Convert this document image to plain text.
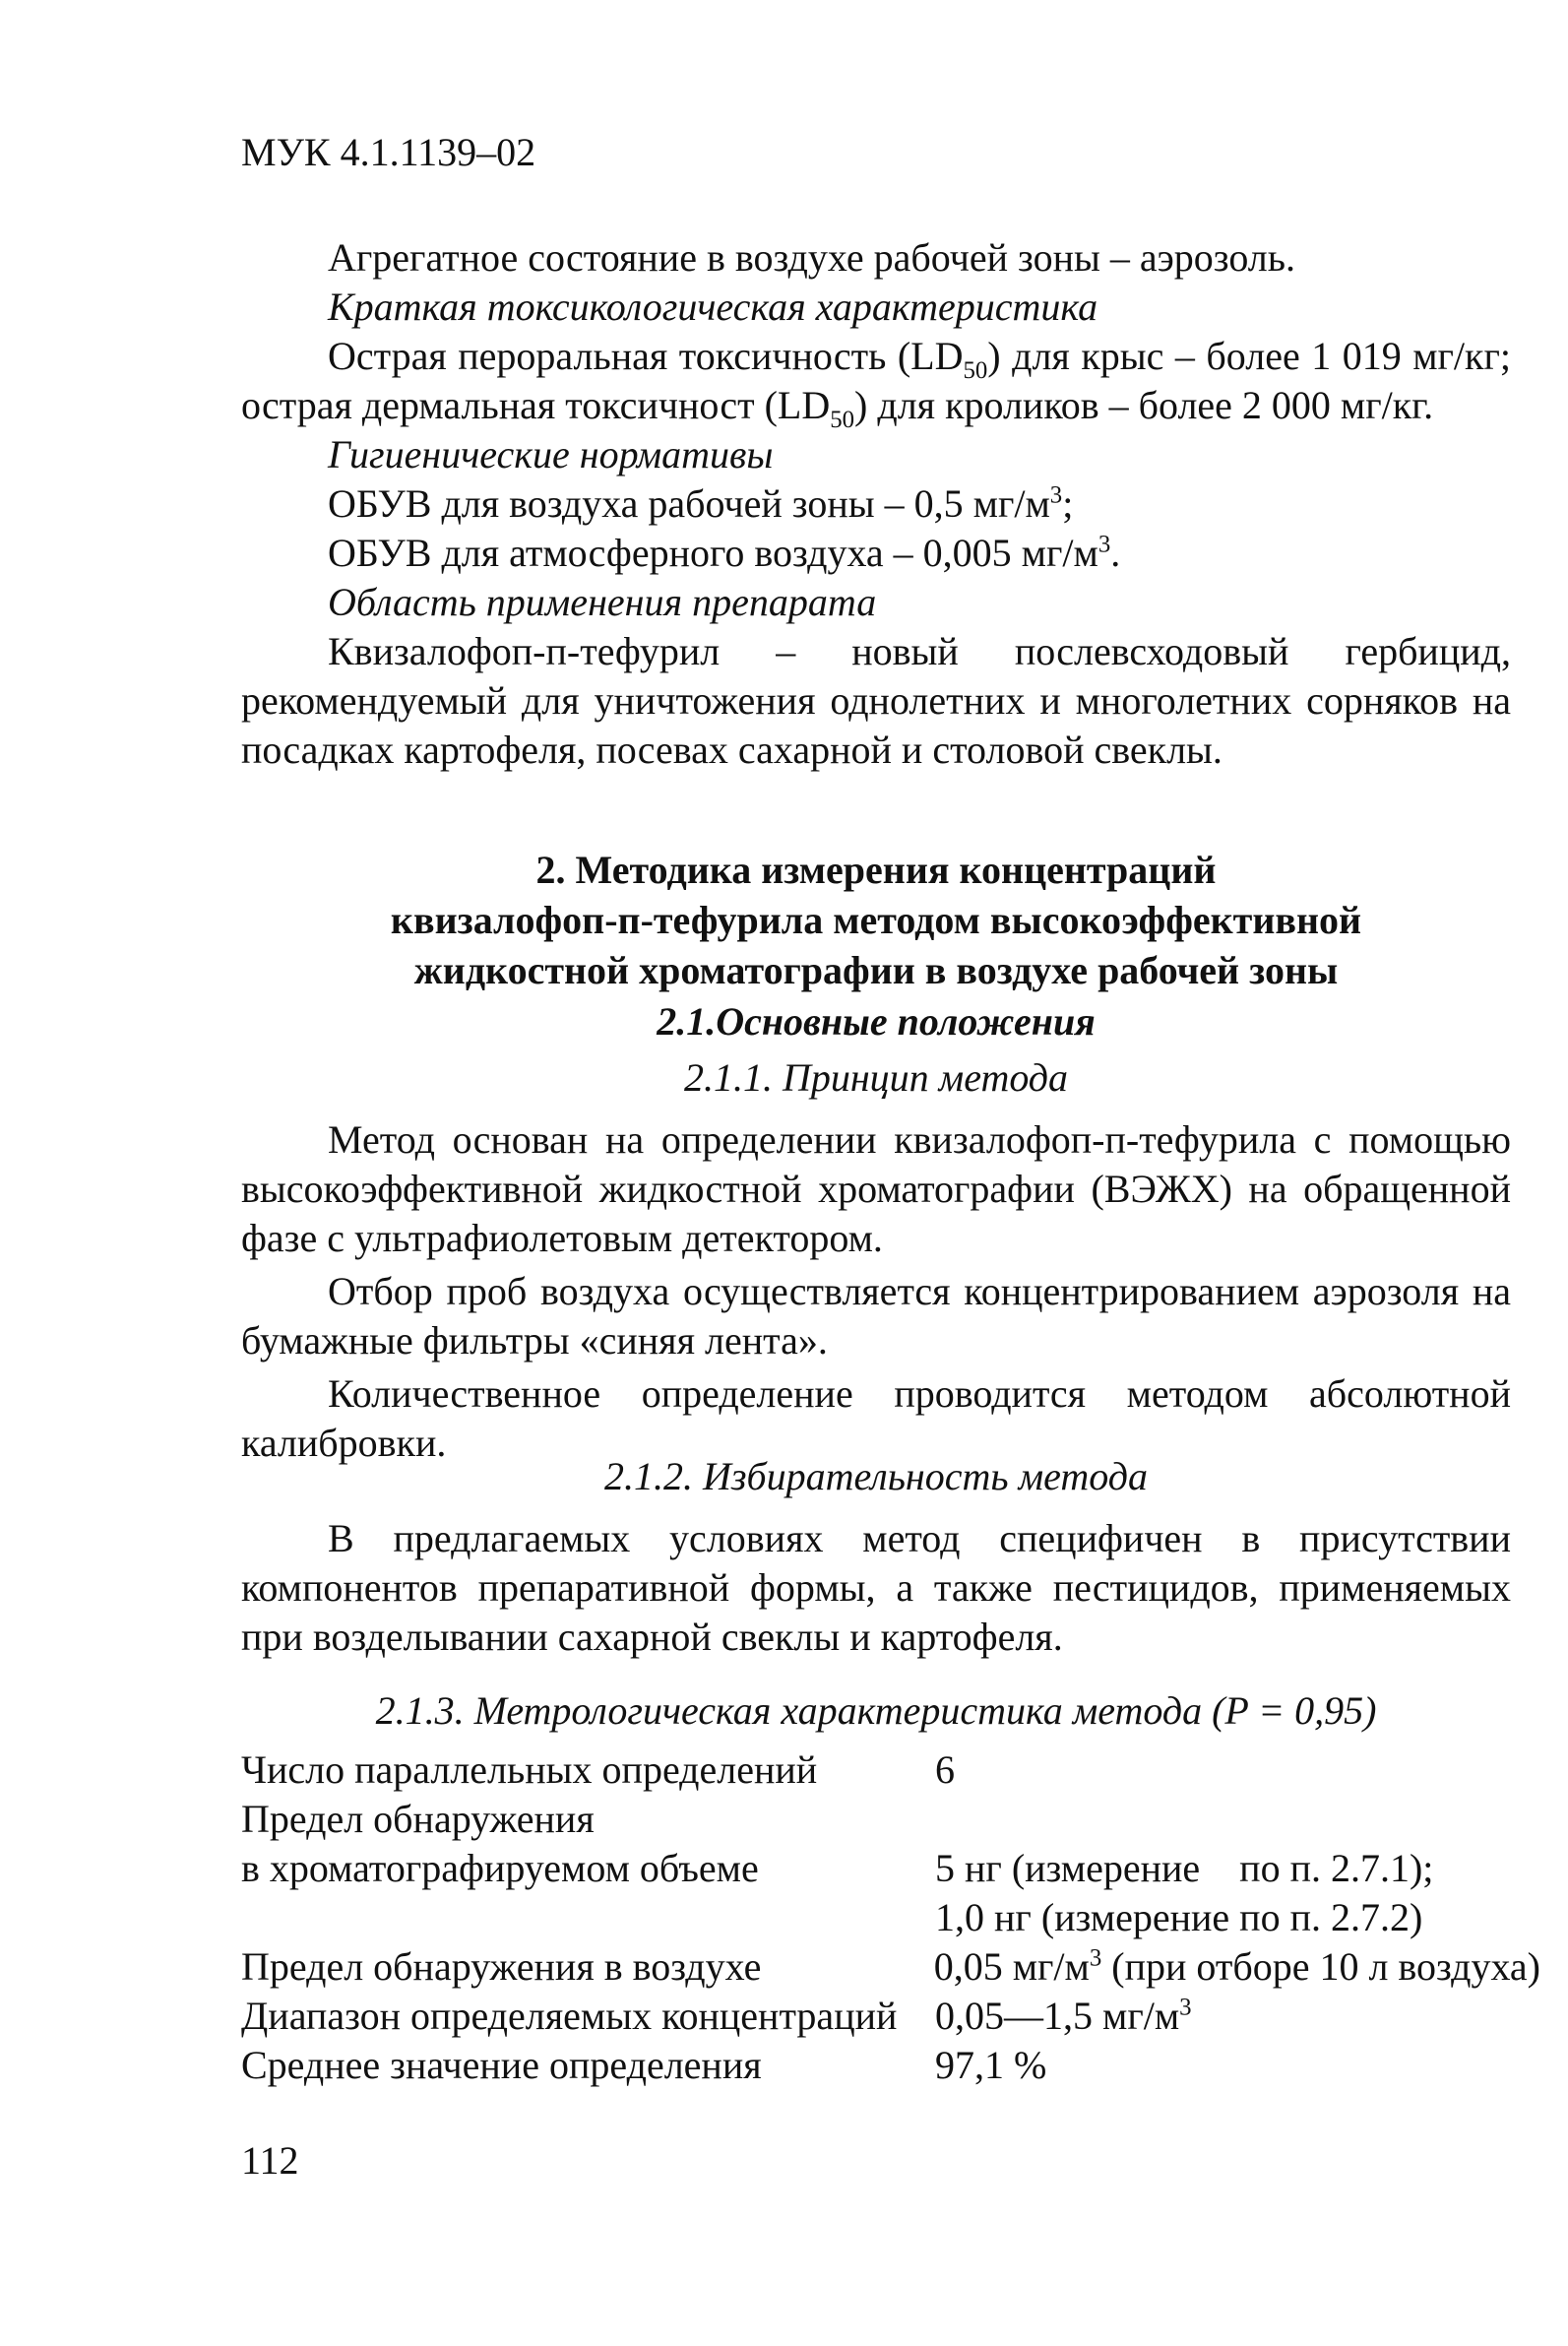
МУК 4.1.1139–02

Агрегатное состояние в воздухе рабочей зоны – аэрозоль.

Краткая токсикологическая характеристика

Острая пероральная токсичность $(LD_{50})$ для крыс – более 1 019 мг/кг; острая дермальная токсичност $(LD_{50})$ для кроликов – более 2 000 мг/кг.

Гигиенические нормативы

ОБУВ для воздуха рабочей зоны – 0,5 $мг/м^3$;

ОБУВ для атмосферного воздуха – 0,005 $мг/м^3$.

Область применения препарата

Квизалофоп-п-тефурил – новый послевсходовый гербицид, рекомендуемый для уничтожения однолетних и многолетних сорняков на посадках картофеля, посевах сахарной и столовой свеклы.

2. Методика измерения концентраций
квизалофоп-п-тефурила методом высокоэффективной
жидкостной хроматографии в воздухе рабочей зоны
2.1.Основные положения
2.1.1. Принцип метода

Метод основан на определении квизалофоп-п-тефурила с помощью высокоэффективной жидкостной хроматографии (ВЭЖХ) на обращенной фазе с ультрафиолетовым детектором.

Отбор проб воздуха осуществляется концентрированием аэрозоля на бумажные фильтры «синяя лента».

Количественное определение проводится методом абсолютной калибровки.

2.1.2. Избирательность метода

В предлагаемых условиях метод специфичен в присутствии компонентов препаративной формы, а также пестицидов, применяемых при возделывании сахарной свеклы и картофеля.

2.1.3. Метрологическая характеристика метода (P = 0,95)
Число параллельных определений	6
Предел обнаружения
в хроматографируемом объеме	5 нг (измерение    по п. 2.7.1);
1,0 нг (измерение по п. 2.7.2)
Предел обнаружения в воздухе	0,05 $мг/м^3$ (при отборе 10 л воздуха)
Диапазон определяемых концентраций 0,05—1,5 $мг/м^3$
Среднее значение определения	97,1 %
112
